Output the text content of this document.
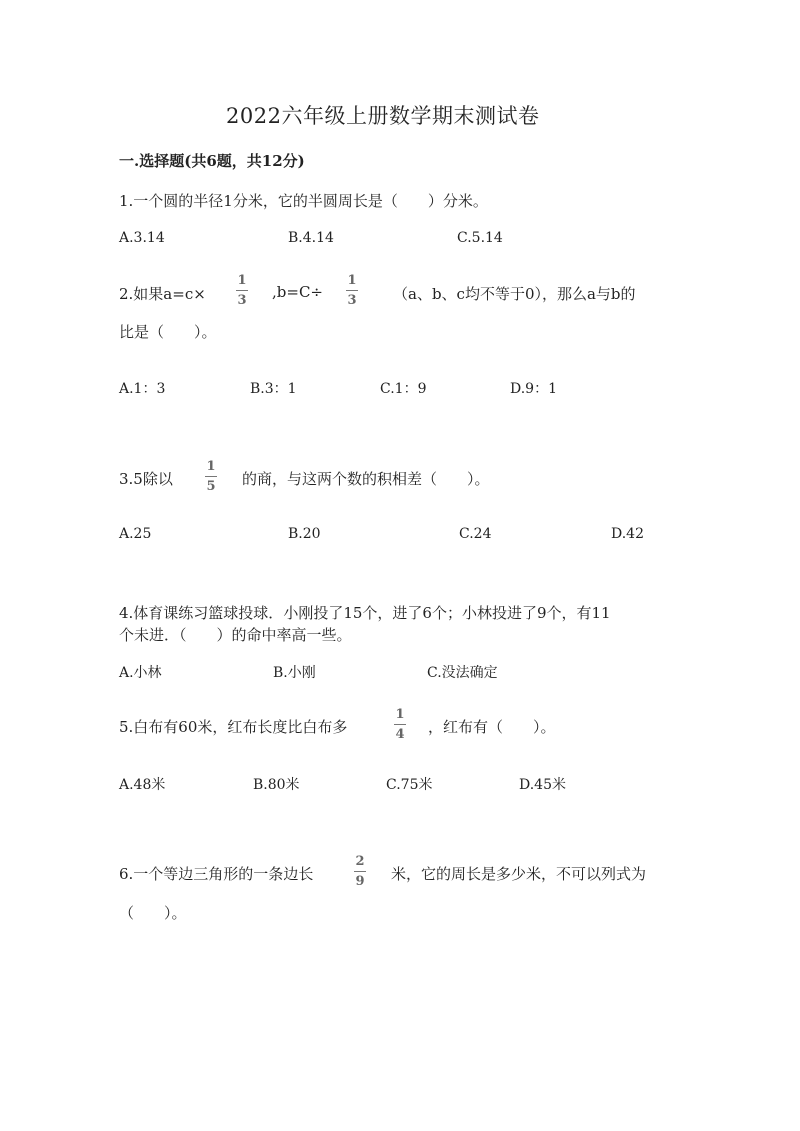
2022六年级上册数学期末测试卷
一.选择题(共6题，共12分)
1.一个圆的半径1分米，它的半圆周长是（　　）分米。
A.3.14	B.4.14	C.5.14
2.如果a=c×
1
3 ,b=C÷
1
3 （a、b、c均不等于0），那么a与b的
比是（　　）。
A.1：3	B.3：1	C.1：9	D.9：1
3.5除以
1
5 的商，与这两个数的积相差（　　）。
A.25	B.20	C.24	D.42
4.体育课练习篮球投球．小刚投了15个，进了6个；小林投进了9个，有11
个未进．（　　）的命中率高一些。
A.小林	B.小刚	C.没法确定
5.白布有60米，红布长度比白布多
1
4 ，红布有（　　）。
A.48米	B.80米	C.75米	D.45米
6.一个等边三角形的一条边长
2
9 米，它的周长是多少米，不可以列式为
（　　）。
